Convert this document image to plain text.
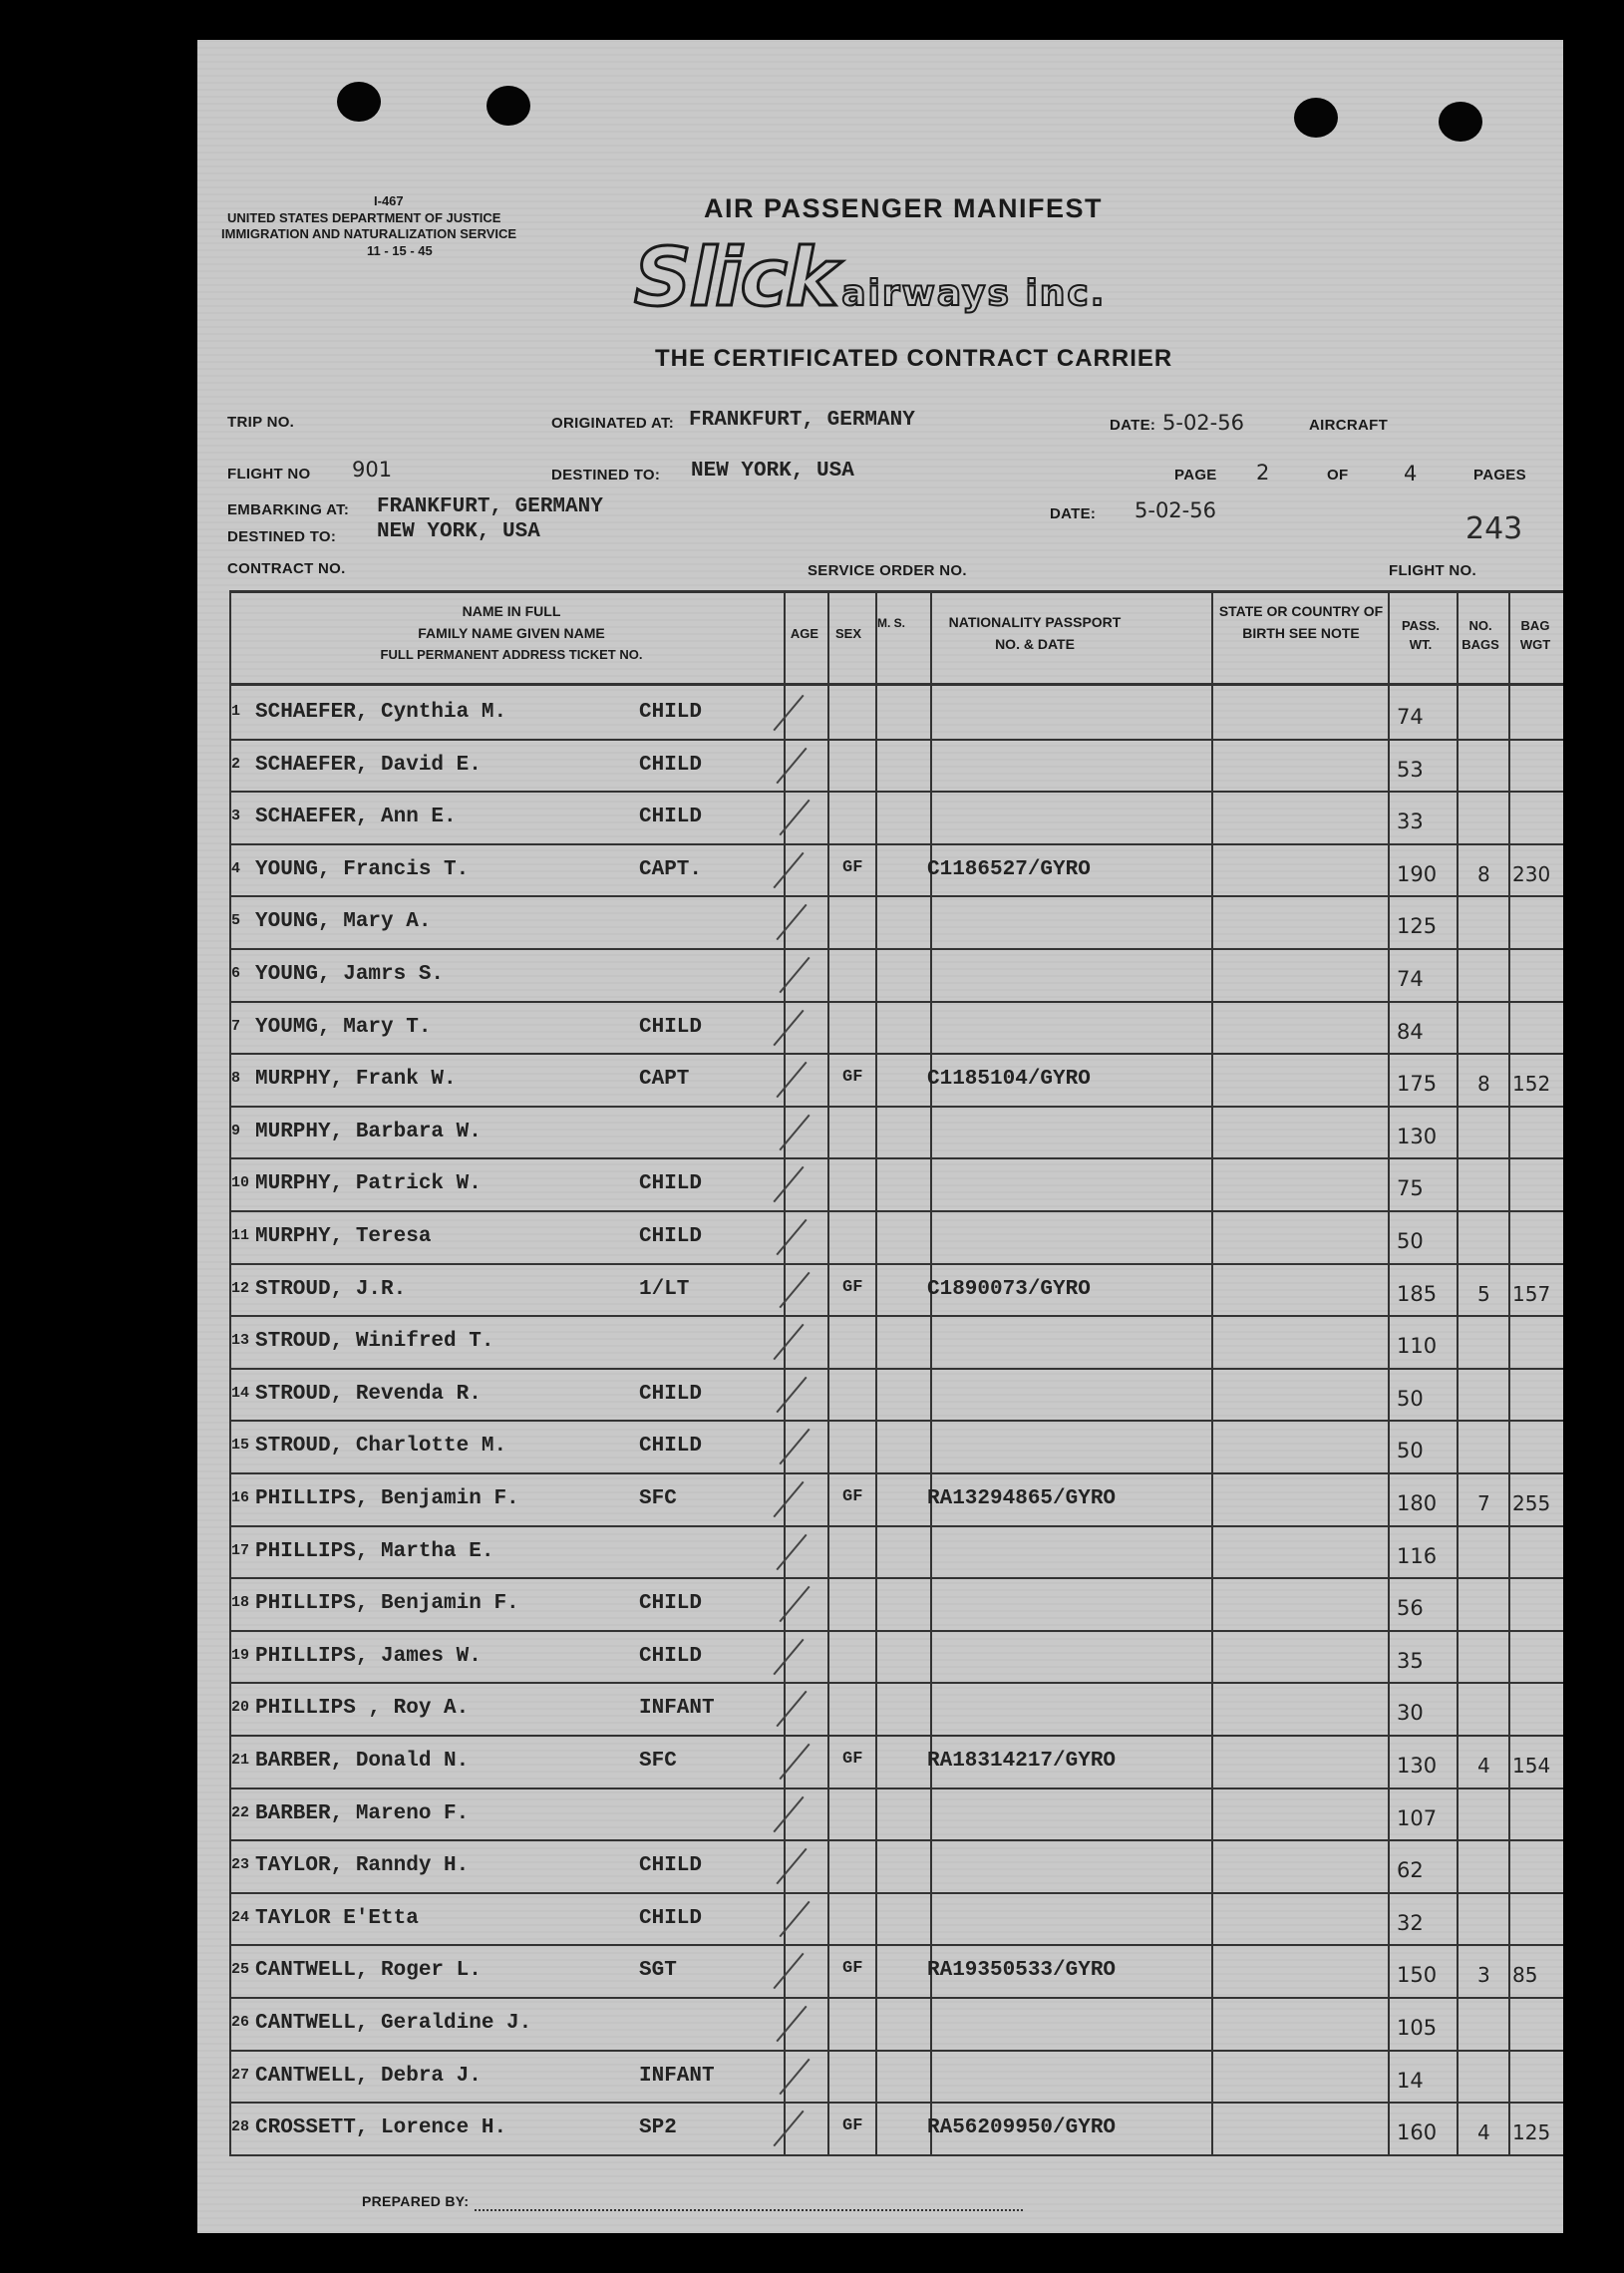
I-467
UNITED STATES DEPARTMENT OF JUSTICE
IMMIGRATION AND NATURALIZATION SERVICE
11 - 15 - 45
AIR PASSENGER MANIFEST
Slick airways inc.
THE CERTIFICATED CONTRACT CARRIER
TRIP NO.	ORIGINATED AT: FRANKFURT, GERMANY	DATE: 5-02-56	AIRCRAFT
FLIGHT NO 901	DESTINED TO: NEW YORK, USA	PAGE 2	OF	4	PAGES
EMBARKING AT: FRANKFURT, GERMANY	DATE: 5-02-56
DESTINED TO: NEW YORK, USA	243
CONTRACT NO.	SERVICE ORDER NO.	FLIGHT NO.
NAME IN FULL
FAMILY NAME GIVEN NAME
FULL PERMANENT ADDRESS TICKET NO.
AGE	SEX
M. S.	NATIONALITY PASSPORT NO. & DATE
STATE OR COUNTRY OF BIRTH SEE NOTE	PASS. WT.
NO. BAGS
BAG WGT
1 SCHAEFER, Cynthia M.	CHILD	74
2 SCHAEFER, David E.	CHILD	53
3 SCHAEFER, Ann E.	CHILD	33
4 YOUNG, Francis T.	CAPT.	GF	C1186527/GYRO	190 8 230
5 YOUNG, Mary A.	125
6 YOUNG, Jamrs S.	74
7 YOUMG, Mary T.	CHILD	84
8 MURPHY, Frank W.	CAPT	GF	C1185104/GYRO	175 8 152
9 MURPHY, Barbara W.	130
10 MURPHY, Patrick W.	CHILD	75
11 MURPHY, Teresa	CHILD	50
12 STROUD, J.R.	1/LT	GF	C1890073/GYRO	185 5 157
13 STROUD, Winifred T.	110
14 STROUD, Revenda R.	CHILD	50
15 STROUD, Charlotte M.	CHILD	50
16 PHILLIPS, Benjamin F.	SFC	GF	RA13294865/GYRO	180 7 255
17 PHILLIPS, Martha E.	116
18 PHILLIPS, Benjamin F.	CHILD	56
19 PHILLIPS, James W.	CHILD	35
20 PHILLIPS , Roy A.	INFANT	30
21 BARBER, Donald N.	SFC	GF	RA18314217/GYRO	130 4 154
22 BARBER, Mareno F.	107
23 TAYLOR, Ranndy H.	CHILD	62
24 TAYLOR E'Etta	CHILD	32
25 CANTWELL, Roger L.	SGT	GF	RA19350533/GYRO	150 3 85
26 CANTWELL, Geraldine J.	105
27 CANTWELL, Debra J.	INFANT	14
28 CROSSETT, Lorence H.	SP2	GF	RA56209950/GYRO	160 4 125
PREPARED BY:
